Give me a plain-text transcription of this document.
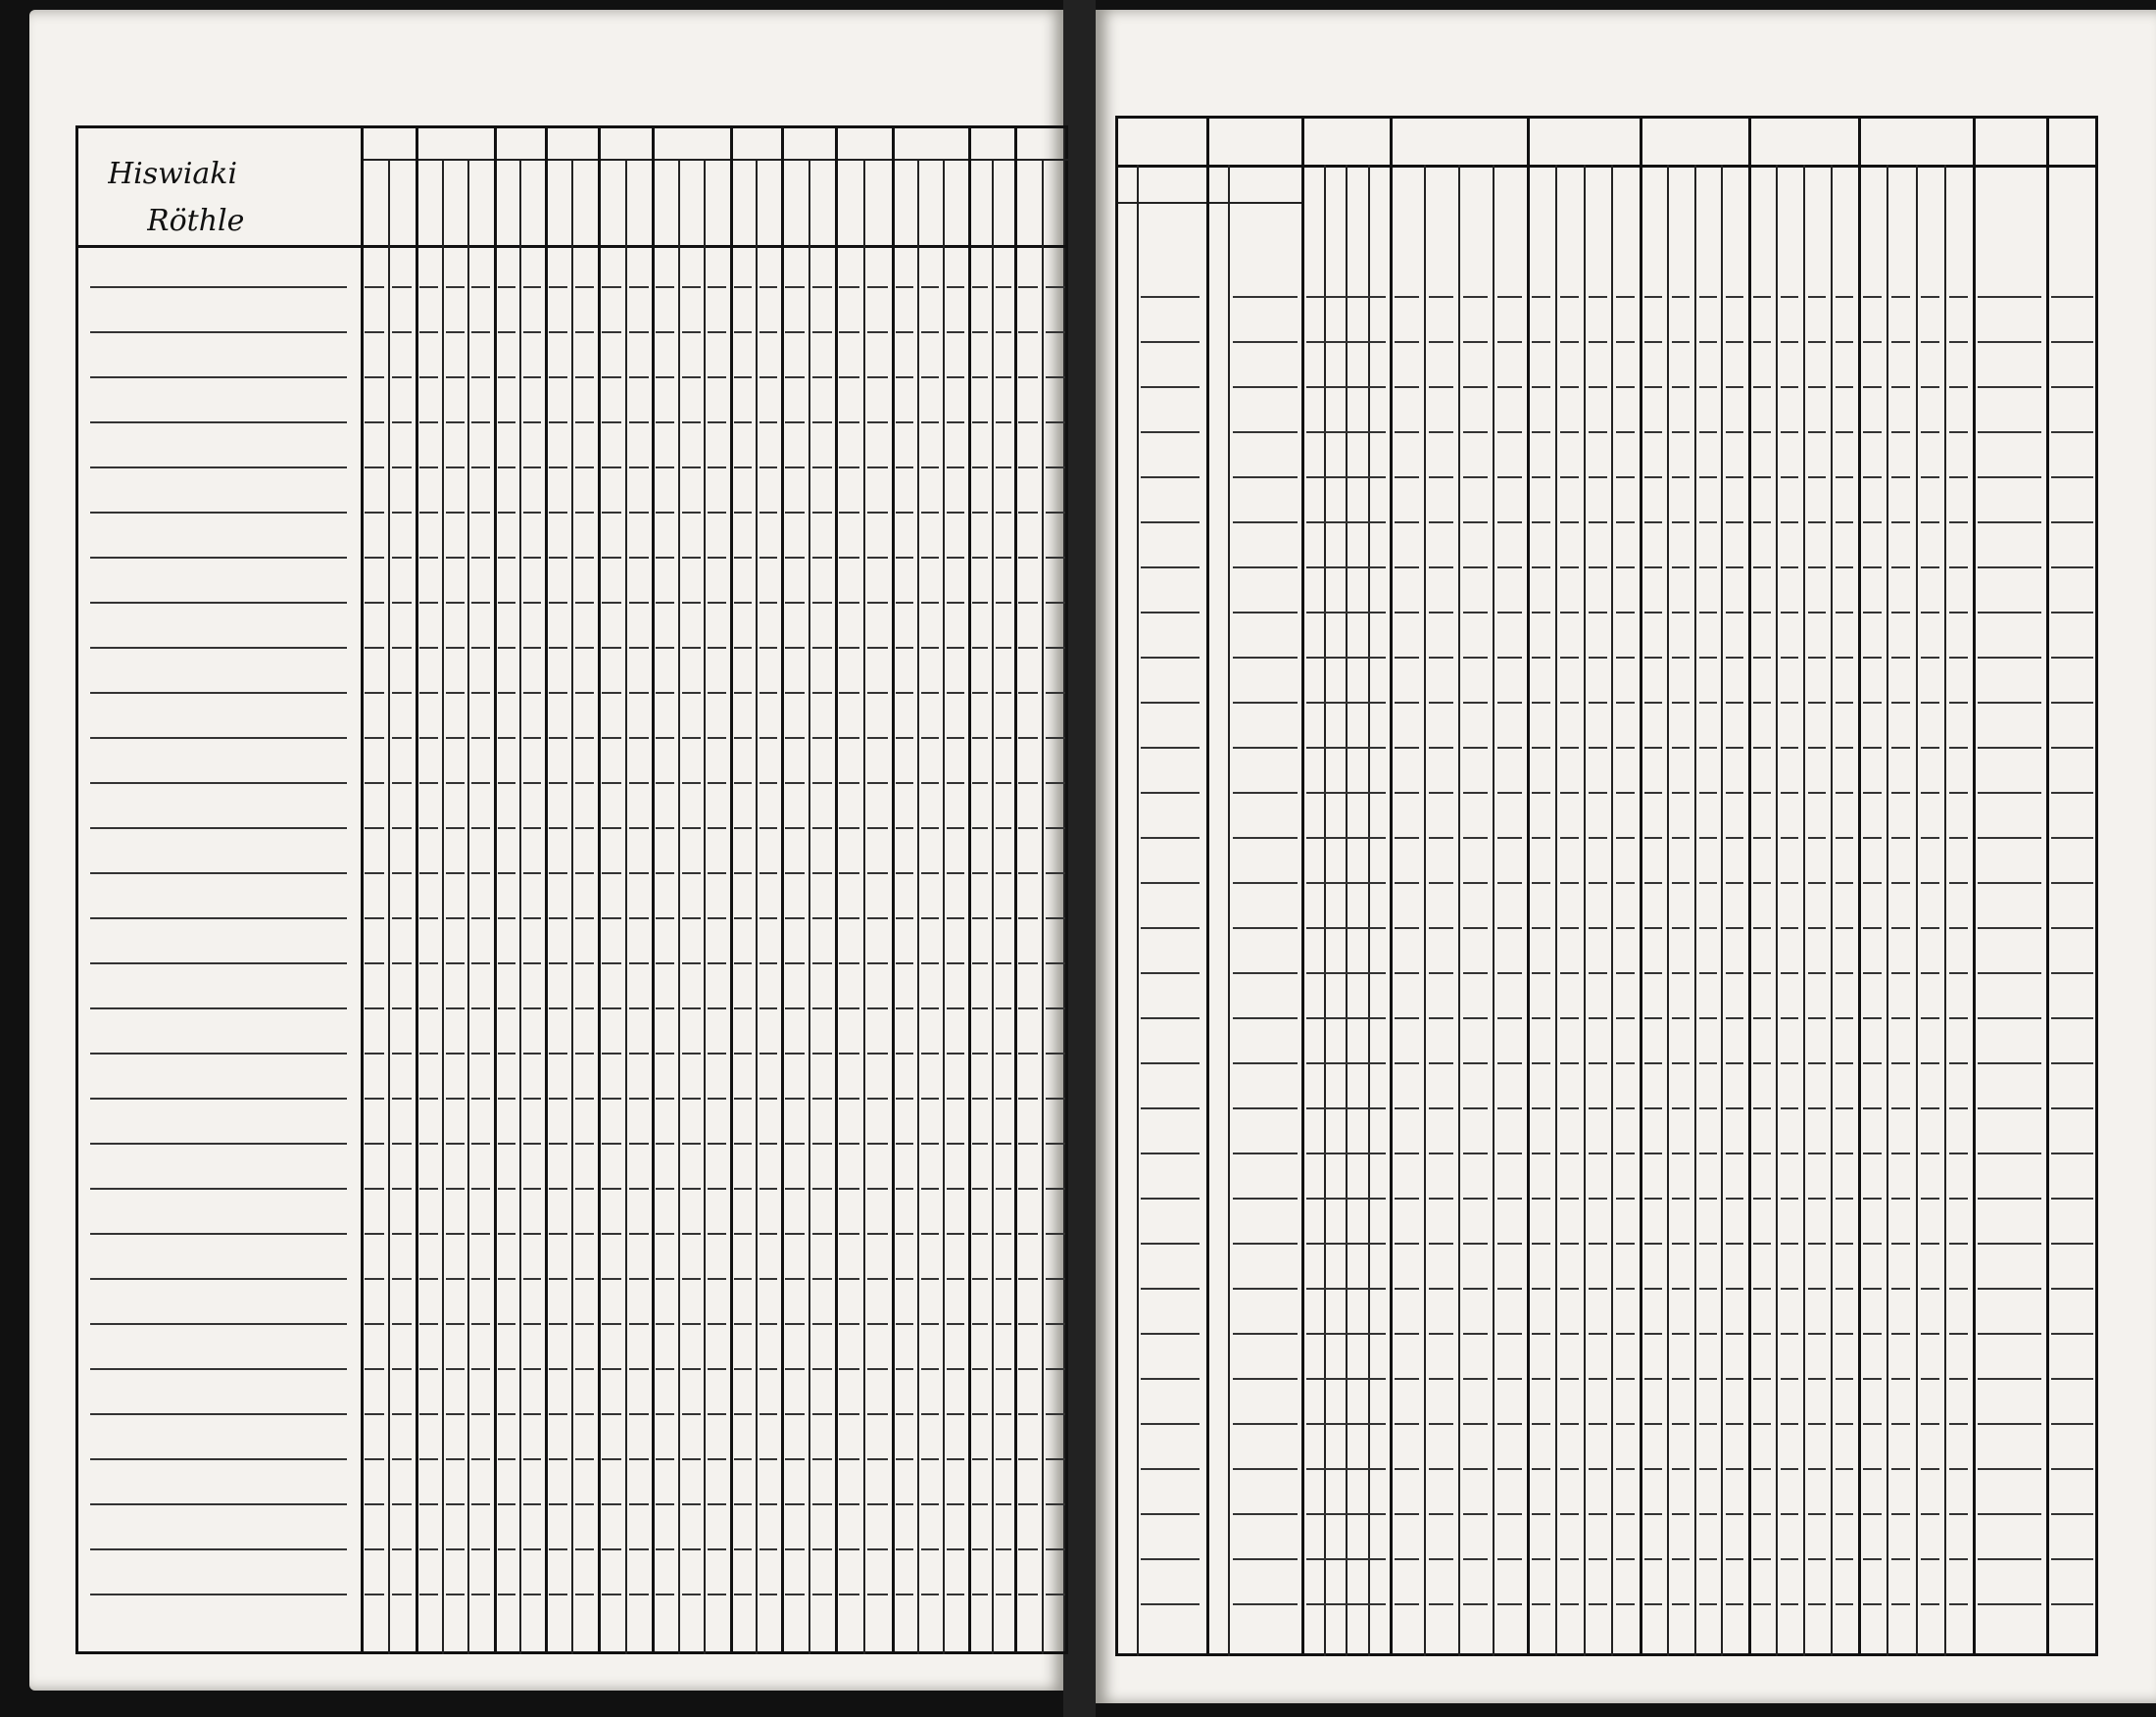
Hiswiaki
Röthle
